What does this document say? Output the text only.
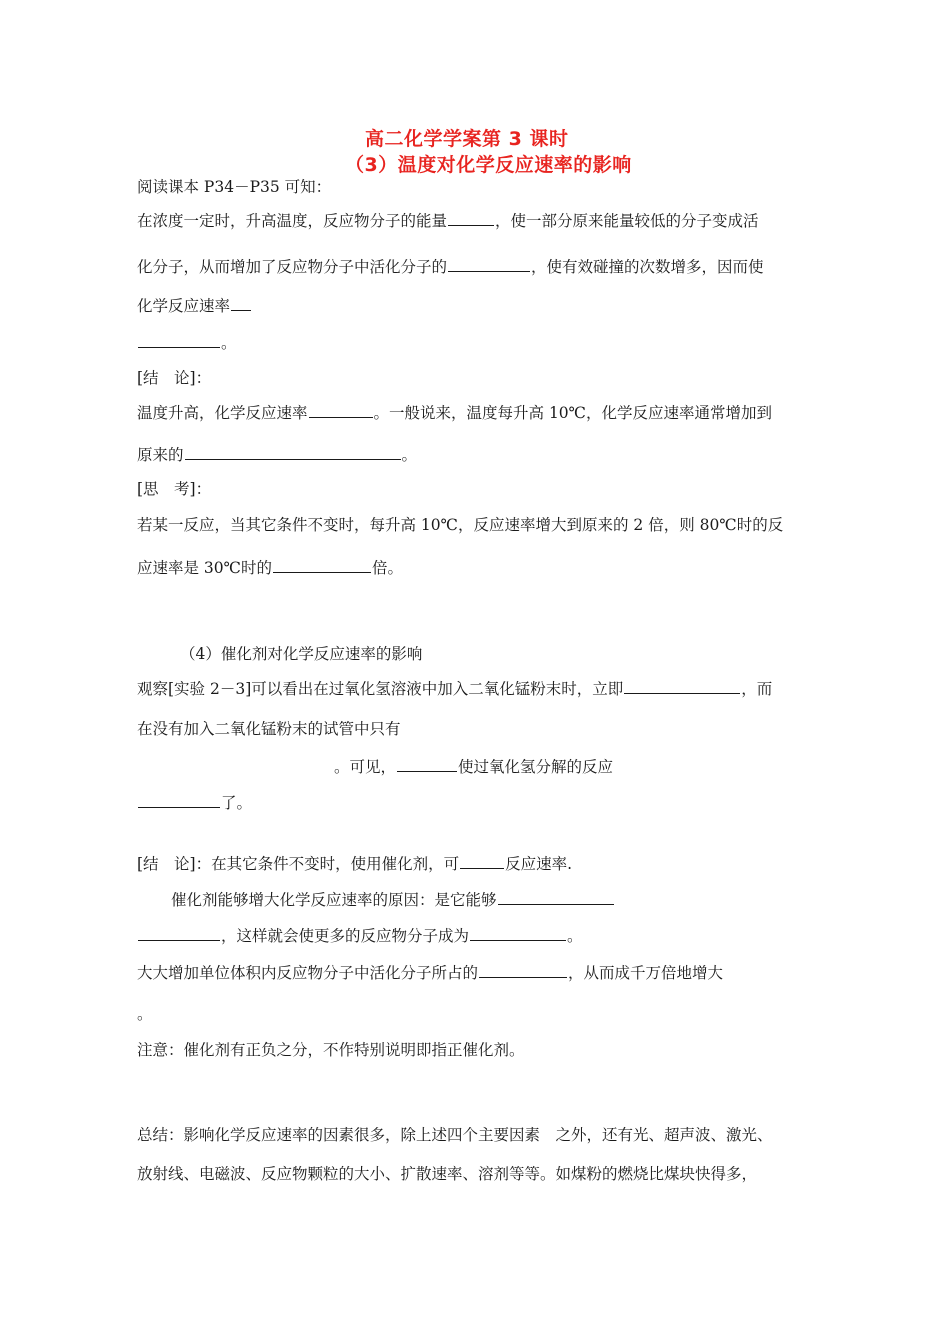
高二化学学案第 3 课时
（3）温度对化学反应速率的影响
阅读课本 P34－P35 可知：
在浓度一定时，升高温度，反应物分子的能量	，使一部分原来能量较低的分子变成活
化分子，从而增加了反应物分子中活化分子的	，使有效碰撞的次数增多，因而使
化学反应速率
。
[结　论]：
温度升高，化学反应速率	。一般说来，温度每升高 10℃，化学反应速率通常增加到
原来的	。
[思　考]：
若某一反应，当其它条件不变时，每升高 10℃，反应速率增大到原来的 2 倍，则 80℃时的反
应速率是 30℃时的	倍。
（4）催化剂对化学反应速率的影响
观察[实验 2－3]可以看出在过氧化氢溶液中加入二氧化锰粉末时，立即	，而
在没有加入二氧化锰粉末的试管中只有
。可见，	使过氧化氢分解的反应
了。
[结　论]：在其它条件不变时，使用催化剂，可	反应速率.
催化剂能够增大化学反应速率的原因：是它能够
，这样就会使更多的反应物分子成为	。
大大增加单位体积内反应物分子中活化分子所占的	，从而成千万倍地增大
。
注意：催化剂有正负之分，不作特别说明即指正催化剂。
总结：影响化学反应速率的因素很多，除上述四个主要因素　之外，还有光、超声波、激光、
放射线、电磁波、反应物颗粒的大小、扩散速率、溶剂等等。如煤粉的燃烧比煤块快得多，
